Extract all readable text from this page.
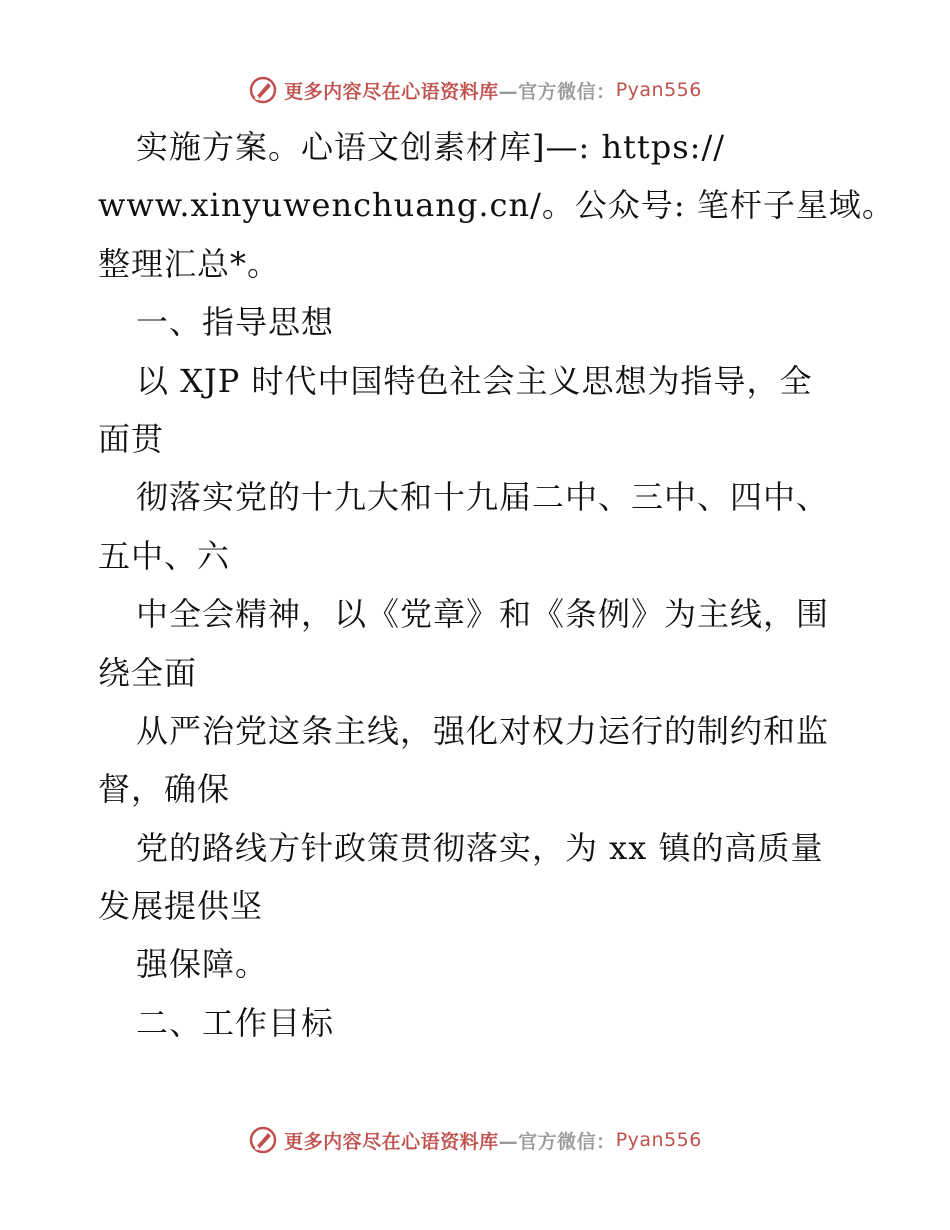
更多内容尽在心语资料库 —官方微信： Pyan556
实施方案。心语文创素材库]—: https://
www.xinyuwenchuang.cn/。公众号: 笔杆子星域。
整理汇总*。
一、指导思想
以 XJP 时代中国特色社会主义思想为指导，全
面贯
彻落实党的十九大和十九届二中、三中、四中、
五中、六
中全会精神，以《党章》和《条例》为主线，围
绕全面
从严治党这条主线，强化对权力运行的制约和监
督，确保
党的路线方针政策贯彻落实，为 xx 镇的高质量
发展提供坚
强保障。
二、工作目标
更多内容尽在心语资料库 —官方微信： Pyan556
